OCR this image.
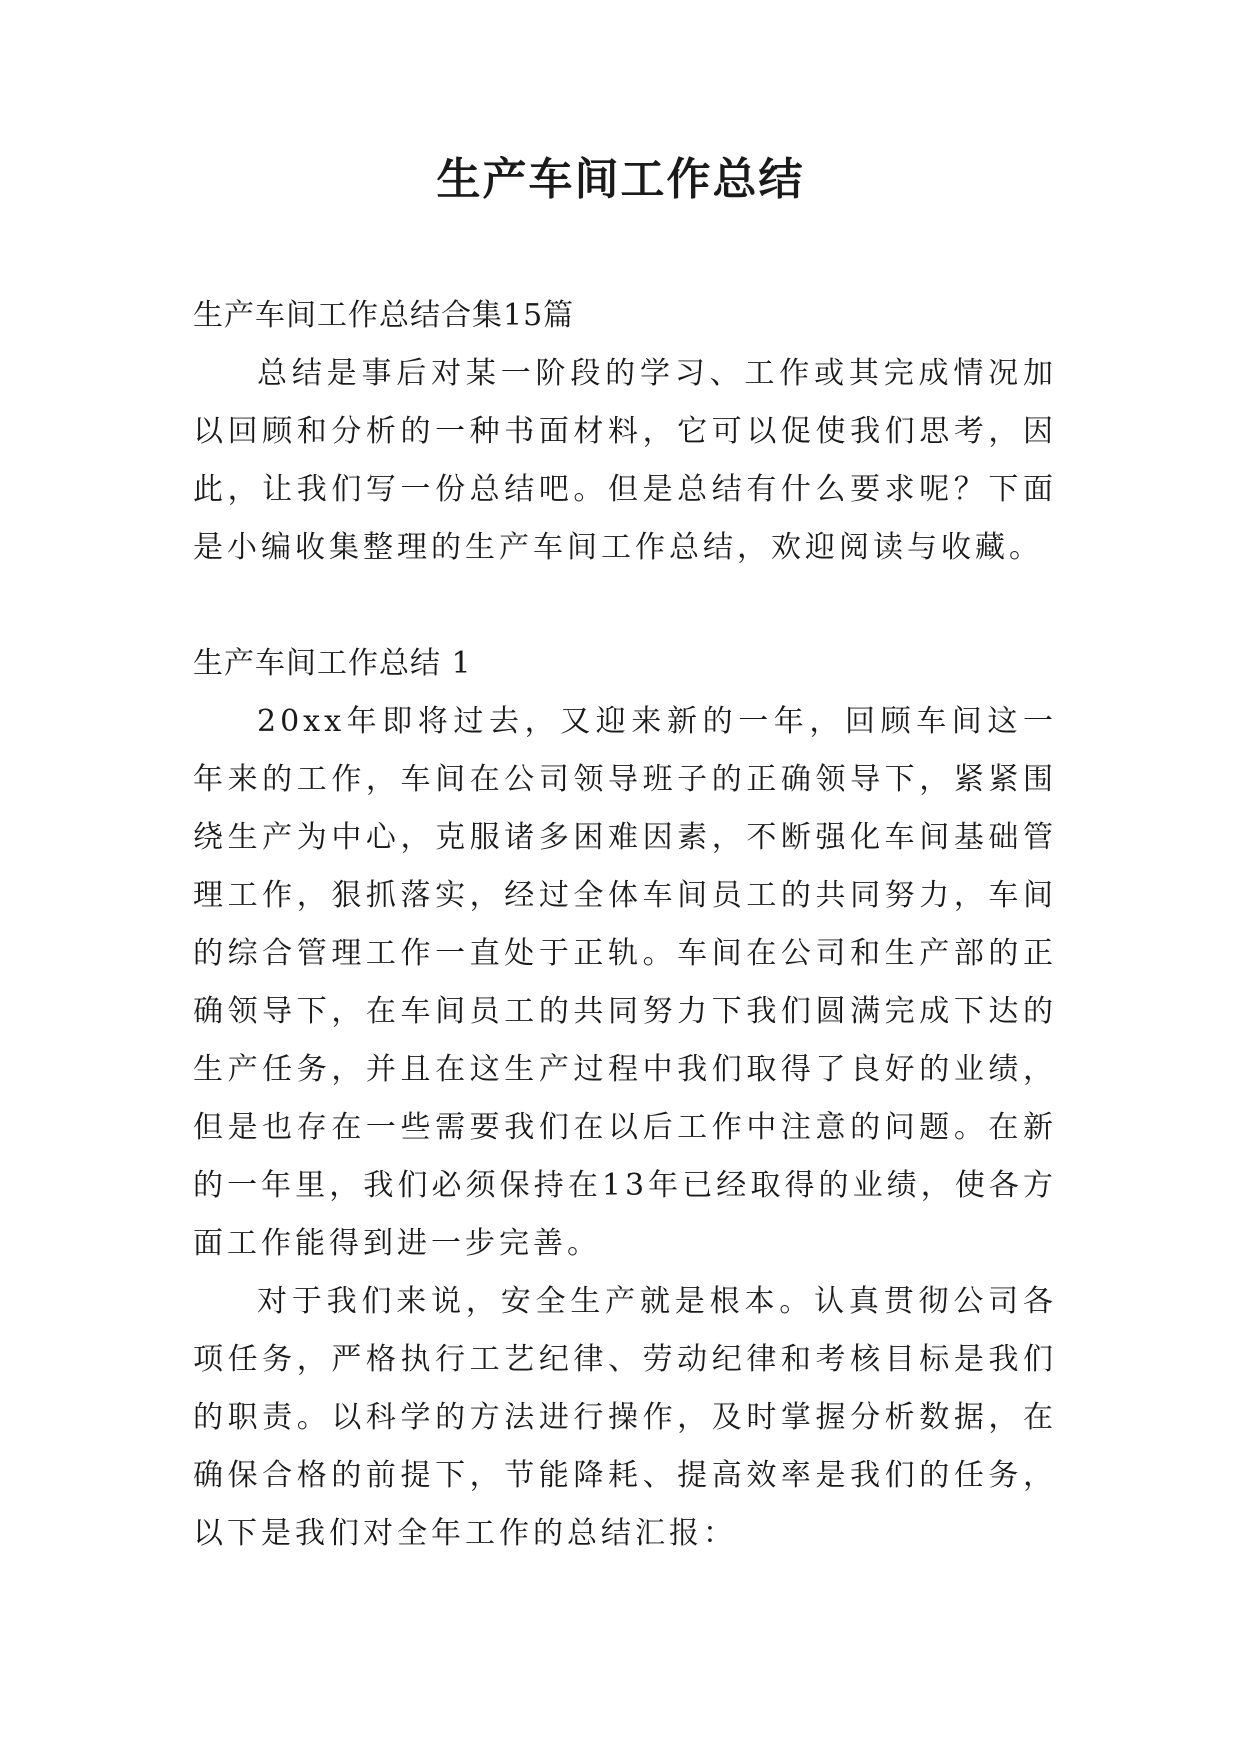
生产车间工作总结

生产车间工作总结合集15篇

总结是事后对某一阶段的学习、工作或其完成情况加以回顾和分析的一种书面材料，它可以促使我们思考，因此，让我们写一份总结吧。但是总结有什么要求呢？下面是小编收集整理的生产车间工作总结，欢迎阅读与收藏。

生产车间工作总结 1

20xx年即将过去，又迎来新的一年，回顾车间这一年来的工作，车间在公司领导班子的正确领导下，紧紧围绕生产为中心，克服诸多困难因素，不断强化车间基础管理工作，狠抓落实，经过全体车间员工的共同努力，车间的综合管理工作一直处于正轨。车间在公司和生产部的正确领导下，在车间员工的共同努力下我们圆满完成下达的生产任务，并且在这生产过程中我们取得了良好的业绩，但是也存在一些需要我们在以后工作中注意的问题。在新的一年里，我们必须保持在13年已经取得的业绩，使各方面工作能得到进一步完善。

对于我们来说，安全生产就是根本。认真贯彻公司各项任务，严格执行工艺纪律、劳动纪律和考核目标是我们的职责。以科学的方法进行操作，及时掌握分析数据，在确保合格的前提下，节能降耗、提高效率是我们的任务，以下是我们对全年工作的总结汇报：
